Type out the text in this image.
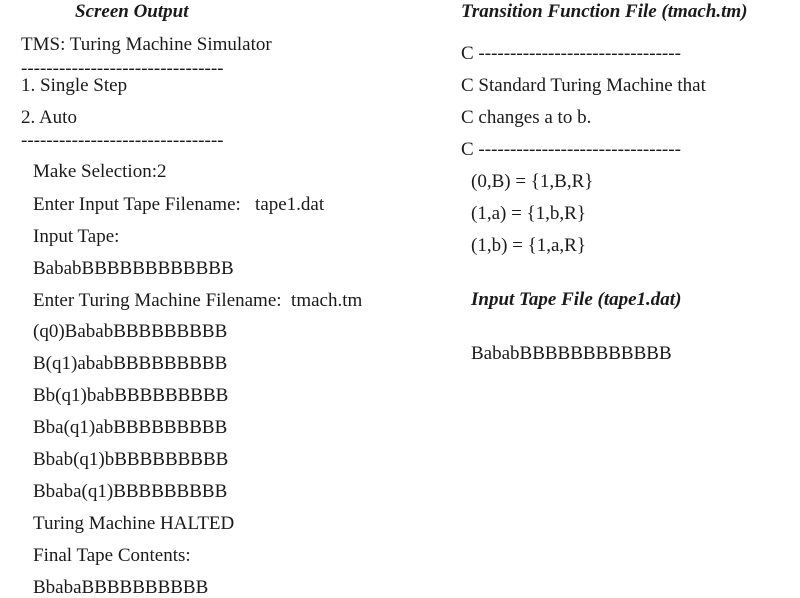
Screen Output
TMS: Turing Machine Simulator
--------------------------------
1. Single Step
2. Auto
--------------------------------
Make Selection:2
Enter Input Tape Filename:   tape1.dat
Input Tape:
BababBBBBBBBBBBBB
Enter Turing Machine Filename:  tmach.tm
(q0)BababBBBBBBBBB
B(q1)ababBBBBBBBBB
Bb(q1)babBBBBBBBBB
Bba(q1)abBBBBBBBBB
Bbab(q1)bBBBBBBBBB
Bbaba(q1)BBBBBBBBB
Turing Machine HALTED
Final Tape Contents:
BbabaBBBBBBBBBB
Transition Function File (tmach.tm)
C --------------------------------
C Standard Turing Machine that
C changes a to b.
C --------------------------------
(0,B) = {1,B,R}
(1,a) = {1,b,R}
(1,b) = {1,a,R}
Input Tape File (tape1.dat)
BababBBBBBBBBBBBB
